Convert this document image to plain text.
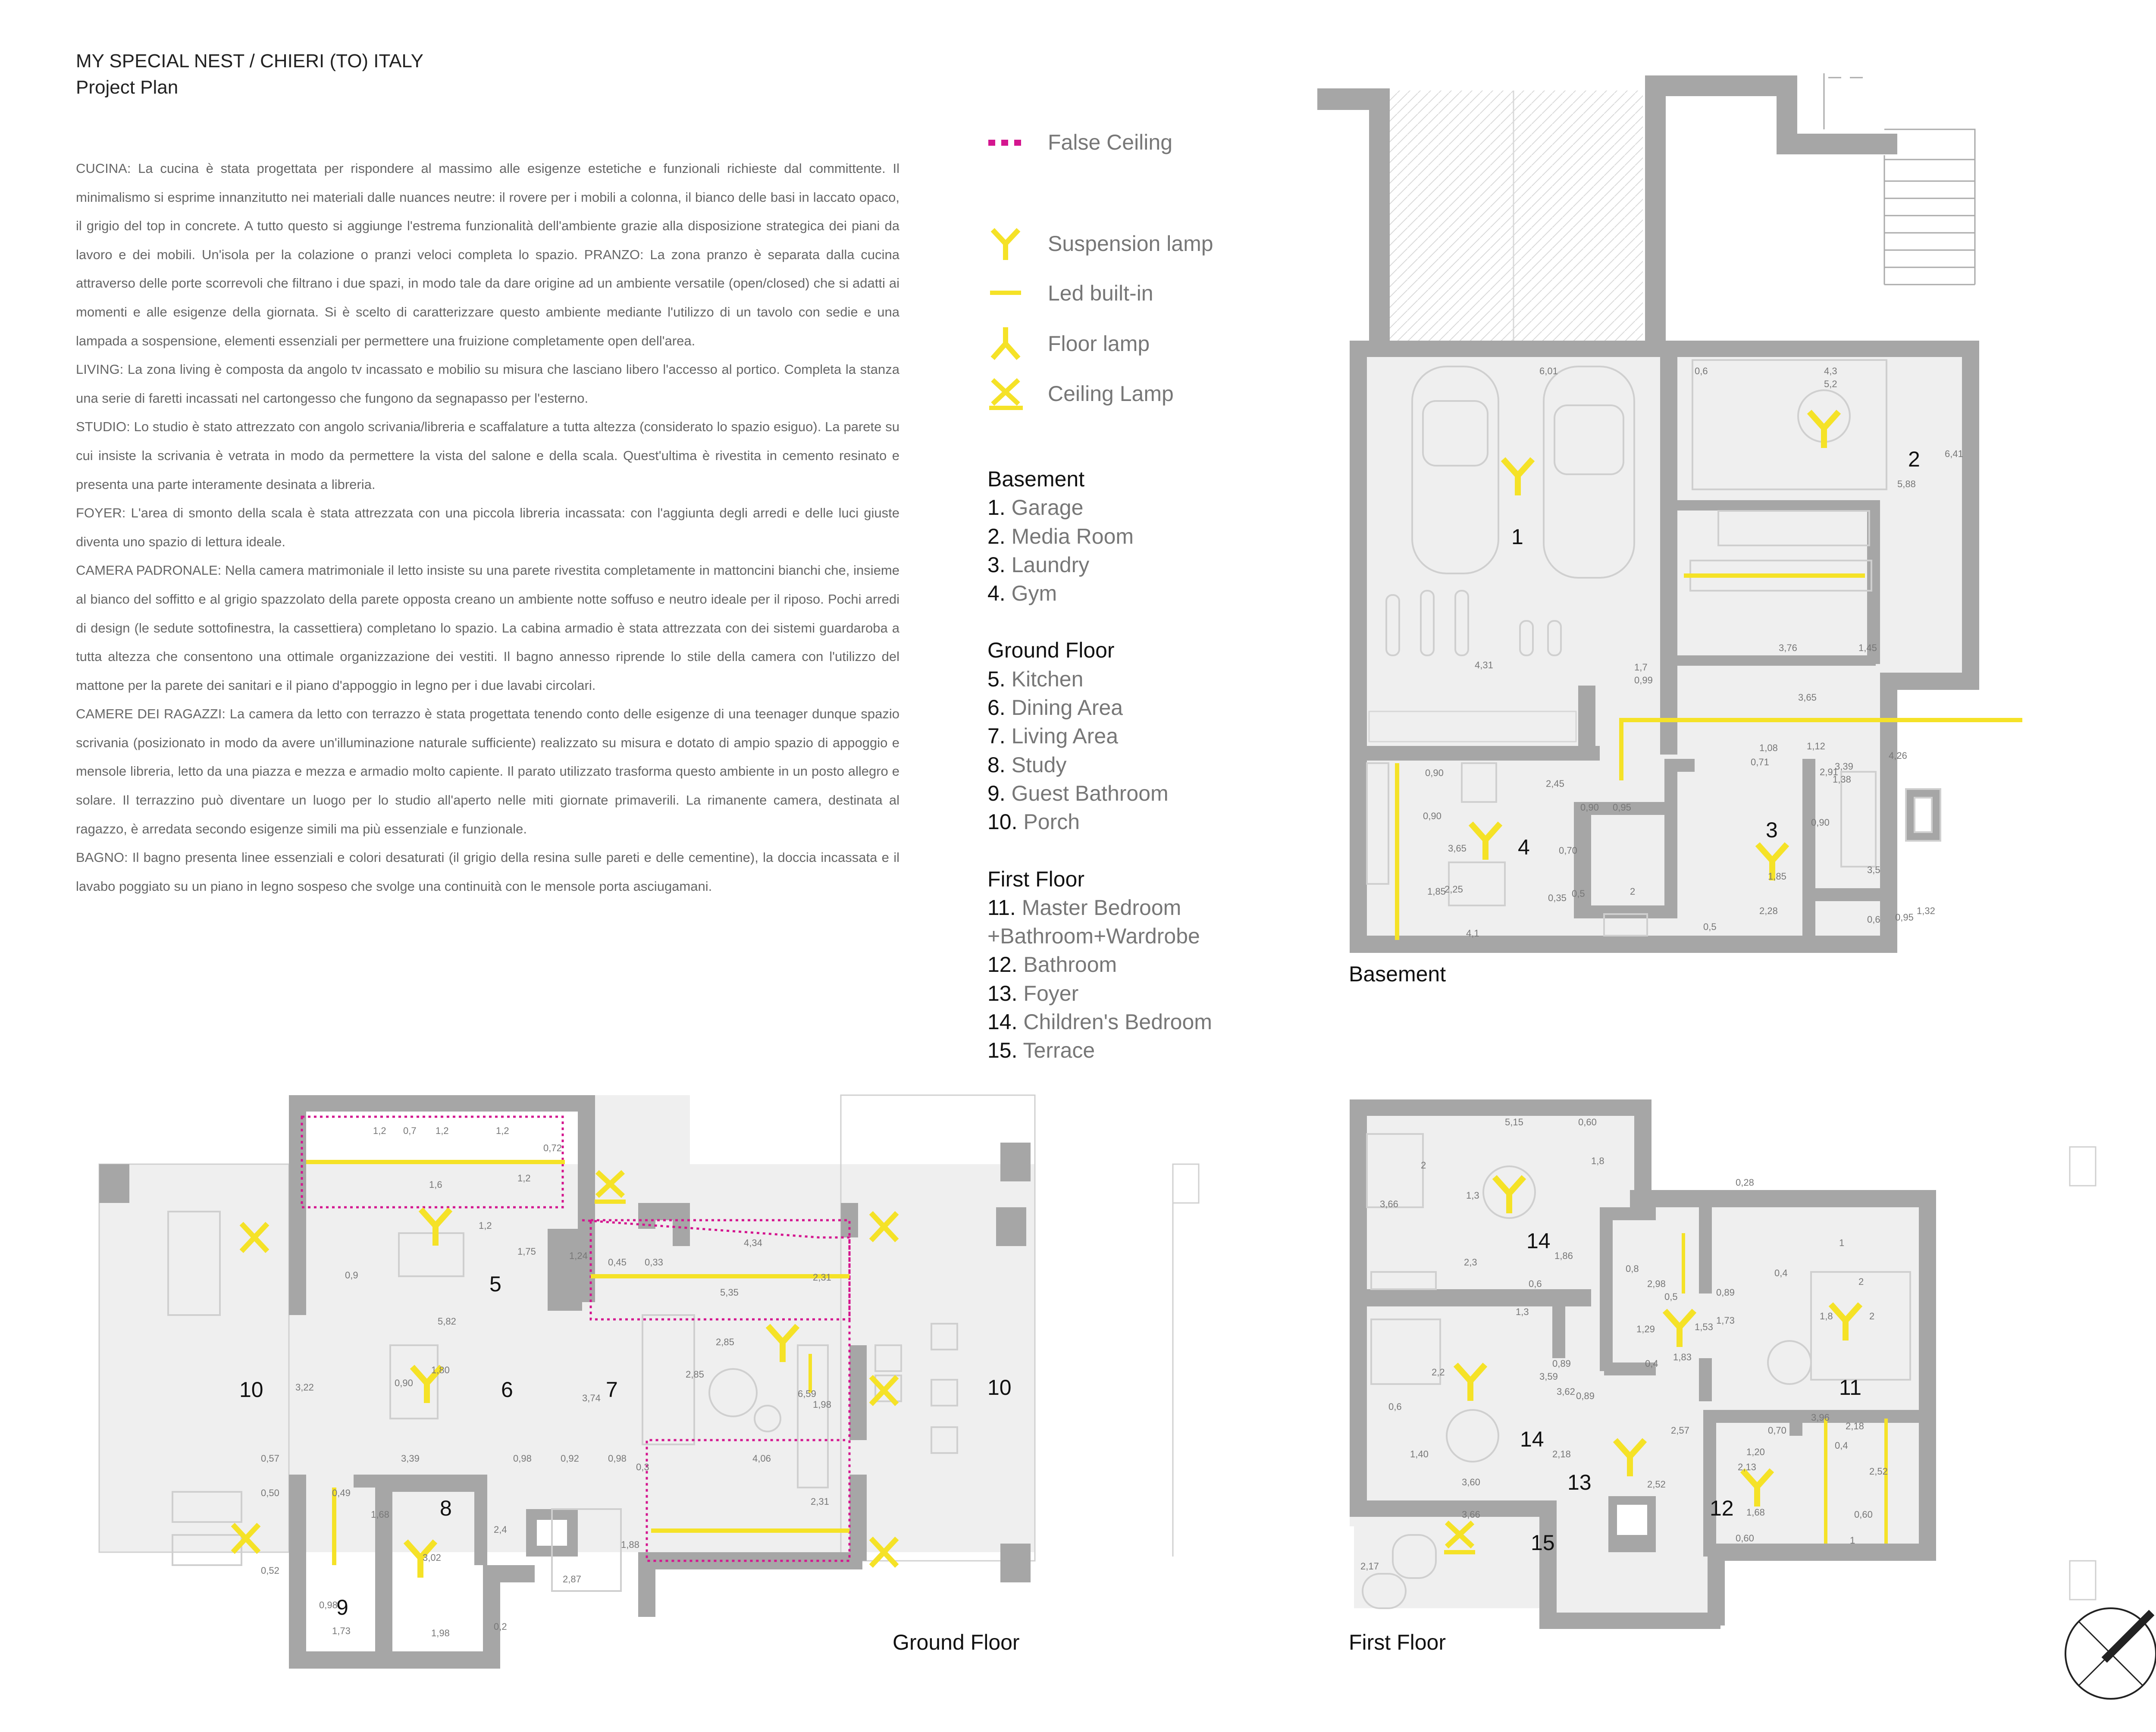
MY SPECIAL NEST / CHIERI (TO) ITALY
Project Plan

CUCINA: La cucina è stata progettata per rispondere al massimo alle esigenze estetiche e funzionali richieste dal committente. Il minimalismo si esprime innanzitutto nei materiali dalle nuances neutre: il rovere per i mobili a colonna, il bianco delle basi in laccato opaco, il grigio del top in concrete. A tutto questo si aggiunge l'estrema funzionalità dell'ambiente grazie alla disposizione strategica dei piani da lavoro e dei mobili. Un'isola per la colazione o pranzi veloci completa lo spazio. PRANZO: La zona pranzo è separata dalla cucina attraverso delle porte scorrevoli che filtrano i due spazi, in modo tale da dare origine ad un ambiente versatile (open/closed) che si adatti ai momenti e alle esigenze della giornata. Si è scelto di caratterizzare questo ambiente mediante l'utilizzo di un tavolo con sedie e una lampada a sospensione, elementi essenziali per permettere una fruizione completamente open dell'area.

LIVING: La zona living è composta da angolo tv incassato e mobilio su misura che lasciano libero l'accesso al portico. Completa la stanza una serie di faretti incassati nel cartongesso che fungono da segnapasso per l'esterno.

STUDIO: Lo studio è stato attrezzato con angolo scrivania/libreria e scaffalature a tutta altezza (considerato lo spazio esiguo). La parete su cui insiste la scrivania è vetrata in modo da permettere la vista del salone e della scala. Quest'ultima è rivestita in cemento resinato e presenta una parte interamente desinata a libreria.

FOYER: L'area di smonto della scala è stata attrezzata con una piccola libreria incassata: con l'aggiunta degli arredi e delle luci giuste diventa uno spazio di lettura ideale.

CAMERA PADRONALE: Nella camera matrimoniale il letto insiste su una parete rivestita completamente in mattoncini bianchi che, insieme al bianco del soffitto e al grigio spazzolato della parete opposta creano un ambiente notte soffuso e neutro ideale per il riposo. Pochi arredi di design (le sedute sottofinestra, la cassettiera) completano lo spazio. La cabina armadio è stata attrezzata con dei sistemi guardaroba a tutta altezza che consentono una ottimale organizzazione dei vestiti. Il bagno annesso riprende lo stile della camera con l'utilizzo del mattone per la parete dei sanitari e il piano d'appoggio in legno per i due lavabi circolari.

CAMERE DEI RAGAZZI: La camera da letto con terrazzo è stata progettata tenendo conto delle esigenze di una teenager dunque spazio scrivania (posizionato in modo da avere un'illuminazione naturale sufficiente) realizzato su misura e dotato di ampio spazio di appoggio e mensole libreria, letto da una piazza e mezza e armadio molto capiente. Il parato utilizzato trasforma questo ambiente in un posto allegro e solare. Il terrazzino può diventare un luogo per lo studio all'aperto nelle miti giornate primaverili. La rimanente camera, destinata al ragazzo, è arredata secondo esigenze simili ma più essenziale e funzionale.

BAGNO: Il bagno presenta linee essenziali e colori desaturati (il grigio della resina sulle pareti e delle cementine), la doccia incassata e il lavabo poggiato su un piano in legno sospeso che svolge una continuità con le mensole porta asciugamani.

False Ceiling
Suspension lamp
Led built-in
Floor lamp
Ceiling Lamp
Basement
1. Garage
2. Media Room
3. Laundry
4. Gym
Ground Floor
5. Kitchen
6. Dining Area
7. Living Area
8. Study
9. Guest Bathroom
10. Porch
First Floor
11. Master Bedroom
+Bathroom+Wardrobe
12. Bathroom
13. Foyer
14. Children's Bedroom
15. Terrace
Basement
Ground Floor	First Floor
1
2
3
4
5
6	7
8
9
10	10	11
12
13
14
14
15
6,01	4,3
5,2
0,6
6,41
5,88
3,76	1,45
1,7
0,99
4,31
3,65
0,71
1,08
4,26
2,91
1,38
0,90
1,12
3,39
2,45
0,90 0,95
0,70
0,35
2,25
1,85
3,5
0,6
0,90
0,90
3,65
1,85
4,1
0,5	2
0,5
2,28	1,32
0,95
1,2	1,2	1,2
0,7
0,72
1,6
1,2
1,2
0,9
1,75	1,24
0,45 0,33
4,34
2,31
5,35
5,82
2,85
2,85
3,22	0,90
1,80
3,74	6,59
1,98
0,57	3,39	0,98	0,92	0,98	4,06
0,3
2,31
0,50	0,49
1,68
3,02
2,4
1,88
2,87
0,52
0,98
1,73	1,98
0,2
5,15	0,60
1,8
3,66
2
1,3
2,3
1,86
0,6
0,28
0,8
2,98
0,5
1
0,89
0,4
2
1,3	2
1,29	1,53
1,73
1,83
0,4
1,8
2,2
0,89
3,59
3,62
0,6
0,89
2,57
3,96
2,18
1,20
0,70
0,4
1,40	2,18
2,13	2,52
2,52
3,60
1,68
0,60
0,60
1
3,66
2,17
